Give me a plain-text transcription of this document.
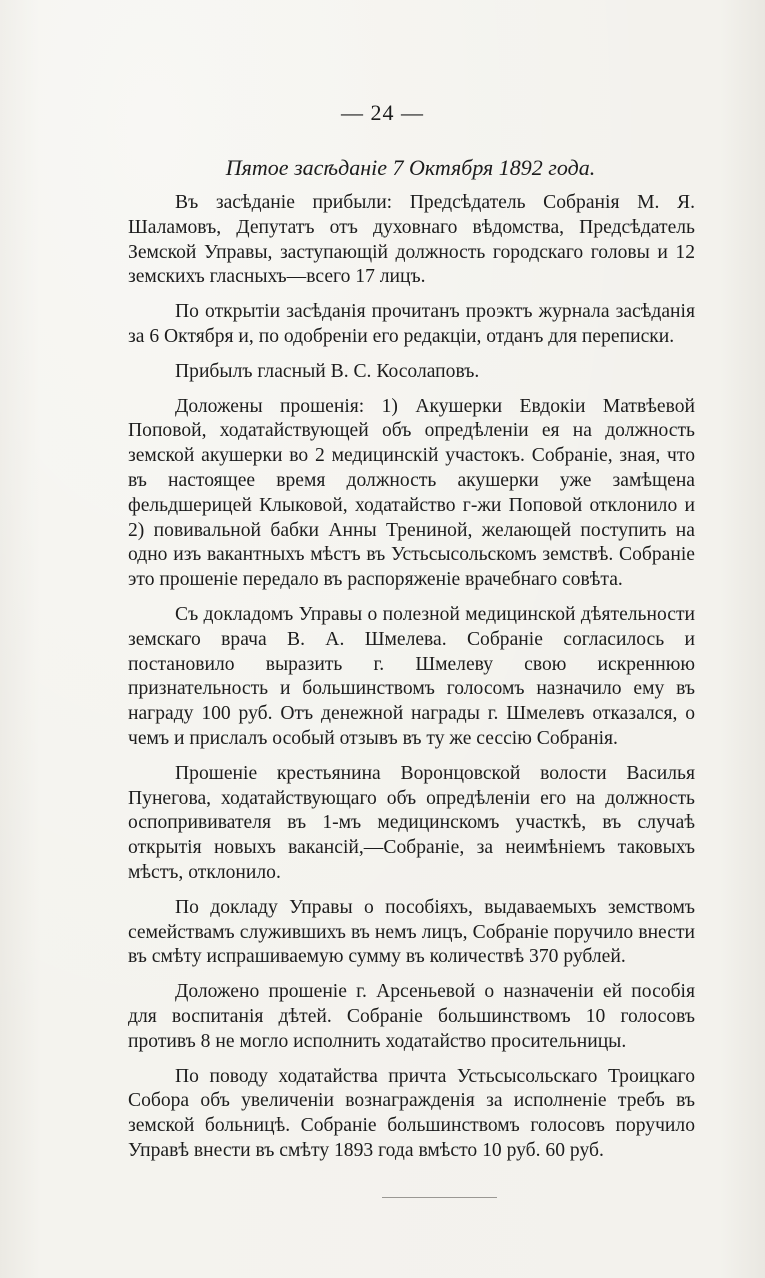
— 24 —
Пятое засѣданіе 7 Октября 1892 года.

Въ засѣданіе прибыли: Предсѣдатель Собранія М. Я. Шаламовъ, Депутатъ отъ духовнаго вѣдомства, Предсѣдатель Земской Управы, заступающій должность городскаго головы и 12 земскихъ гласныхъ—всего 17 лицъ.

По открытіи засѣданія прочитанъ проэктъ журнала засѣданія за 6 Октября и, по одобреніи его редакціи, отданъ для переписки.

Прибылъ гласный В. С. Косолаповъ.

Доложены прошенія: 1) Акушерки Евдокіи Матвѣевой Поповой, ходатайствующей объ опредѣленіи ея на должность земской акушерки во 2 медицинскій участокъ. Собраніе, зная, что въ настоящее время должность акушерки уже замѣщена фельдшерицей Клыковой, ходатайство г-жи Поповой отклонило и 2) повивальной бабки Анны Трениной, желающей поступить на одно изъ вакантныхъ мѣстъ въ Устьсысольскомъ земствѣ. Собраніе это прошеніе передало въ распоряженіе врачебнаго совѣта.

Съ докладомъ Управы о полезной медицинской дѣятельности земскаго врача В. А. Шмелева. Собраніе согласилось и постановило выразить г. Шмелеву свою искреннюю признательность и большинствомъ голосомъ назначило ему въ награду 100 руб. Отъ денежной награды г. Шмелевъ отказался, о чемъ и прислалъ особый отзывъ въ ту же сессію Собранія.

Прошеніе крестьянина Воронцовской волости Василья Пунегова, ходатайствующаго объ опредѣленіи его на должность оспопрививателя въ 1-мъ медицинскомъ участкѣ, въ случаѣ открытія новыхъ вакансій,—Собраніе, за неимѣніемъ таковыхъ мѣстъ, отклонило.

По докладу Управы о пособіяхъ, выдаваемыхъ земствомъ семействамъ служившихъ въ немъ лицъ, Собраніе поручило внести въ смѣту испрашиваемую сумму въ количествѣ 370 рублей.

Доложено прошеніе г. Арсеньевой о назначеніи ей пособія для воспитанія дѣтей. Собраніе большинствомъ 10 голосовъ противъ 8 не могло исполнить ходатайство просительницы.

По поводу ходатайства причта Устьсысольскаго Троицкаго Собора объ увеличеніи вознагражденія за исполненіе требъ въ земской больницѣ. Собраніе большинствомъ голосовъ поручило Управѣ внести въ смѣту 1893 года вмѣсто 10 руб. 60 руб.
